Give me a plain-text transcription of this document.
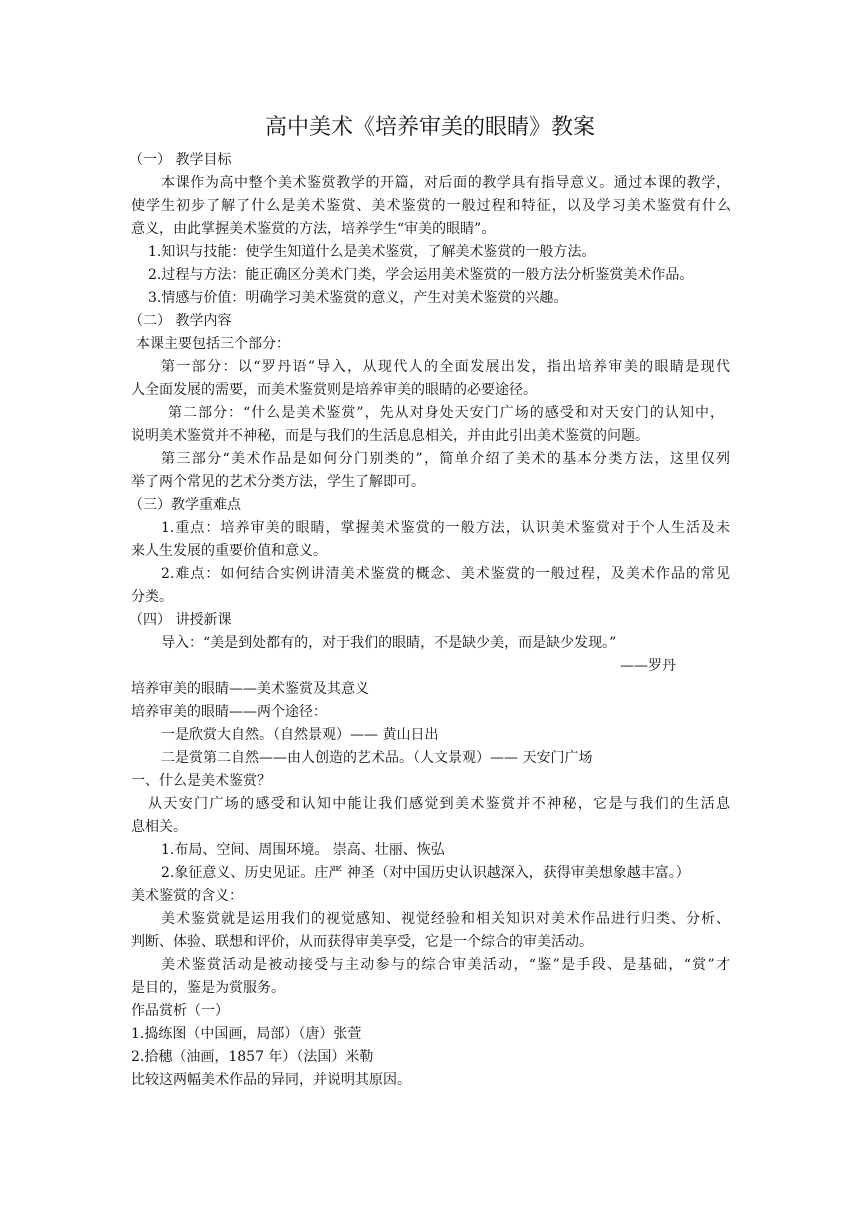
高中美术《培养审美的眼睛》教案
（一） 教学目标
本课作为高中整个美术鉴赏教学的开篇，对后面的教学具有指导意义。通过本课的教学，
使学生初步了解了什么是美术鉴赏、美术鉴赏的一般过程和特征，以及学习美术鉴赏有什么
意义，由此掌握美术鉴赏的方法，培养学生“审美的眼睛”。
1.知识与技能：使学生知道什么是美术鉴赏，了解美术鉴赏的一般方法。
2.过程与方法：能正确区分美术门类，学会运用美术鉴赏的一般方法分析鉴赏美术作品。
3.情感与价值：明确学习美术鉴赏的意义，产生对美术鉴赏的兴趣。
（二） 教学内容
本课主要包括三个部分：
第一部分：以“罗丹语”导入，从现代人的全面发展出发，指出培养审美的眼睛是现代
人全面发展的需要，而美术鉴赏则是培养审美的眼睛的必要途径。
第二部分：“什么是美术鉴赏”，先从对身处天安门广场的感受和对天安门的认知中，
说明美术鉴赏并不神秘，而是与我们的生活息息相关，并由此引出美术鉴赏的问题。
第三部分“美术作品是如何分门别类的”，简单介绍了美术的基本分类方法，这里仅列
举了两个常见的艺术分类方法，学生了解即可。
（三）教学重难点
1.重点：培养审美的眼睛，掌握美术鉴赏的一般方法，认识美术鉴赏对于个人生活及未
来人生发展的重要价值和意义。
2.难点：如何结合实例讲清美术鉴赏的概念、美术鉴赏的一般过程，及美术作品的常见
分类。
（四） 讲授新课
导入：“美是到处都有的，对于我们的眼睛，不是缺少美，而是缺少发现。”
——罗丹
培养审美的眼睛——美术鉴赏及其意义
培养审美的眼睛——两个途径：
一是欣赏大自然。（自然景观）—— 黄山日出
二是赏第二自然——由人创造的艺术品。（人文景观）—— 天安门广场
一、什么是美术鉴赏？
从天安门广场的感受和认知中能让我们感觉到美术鉴赏并不神秘，它是与我们的生活息
息相关。
1.布局、空间、周围环境。 崇高、壮丽、恢弘
2.象征意义、历史见证。庄严 神圣（对中国历史认识越深入，获得审美想象越丰富。）
美术鉴赏的含义：
美术鉴赏就是运用我们的视觉感知、视觉经验和相关知识对美术作品进行归类、分析、
判断、体验、联想和评价，从而获得审美享受，它是一个综合的审美活动。
美术鉴赏活动是被动接受与主动参与的综合审美活动，“鉴”是手段、是基础，“赏”才
是目的，鉴是为赏服务。
作品赏析（一）
1.捣练图（中国画，局部）（唐）张萱
2.拾穗（油画，1857 年）（法国）米勒
比较这两幅美术作品的异同，并说明其原因。
